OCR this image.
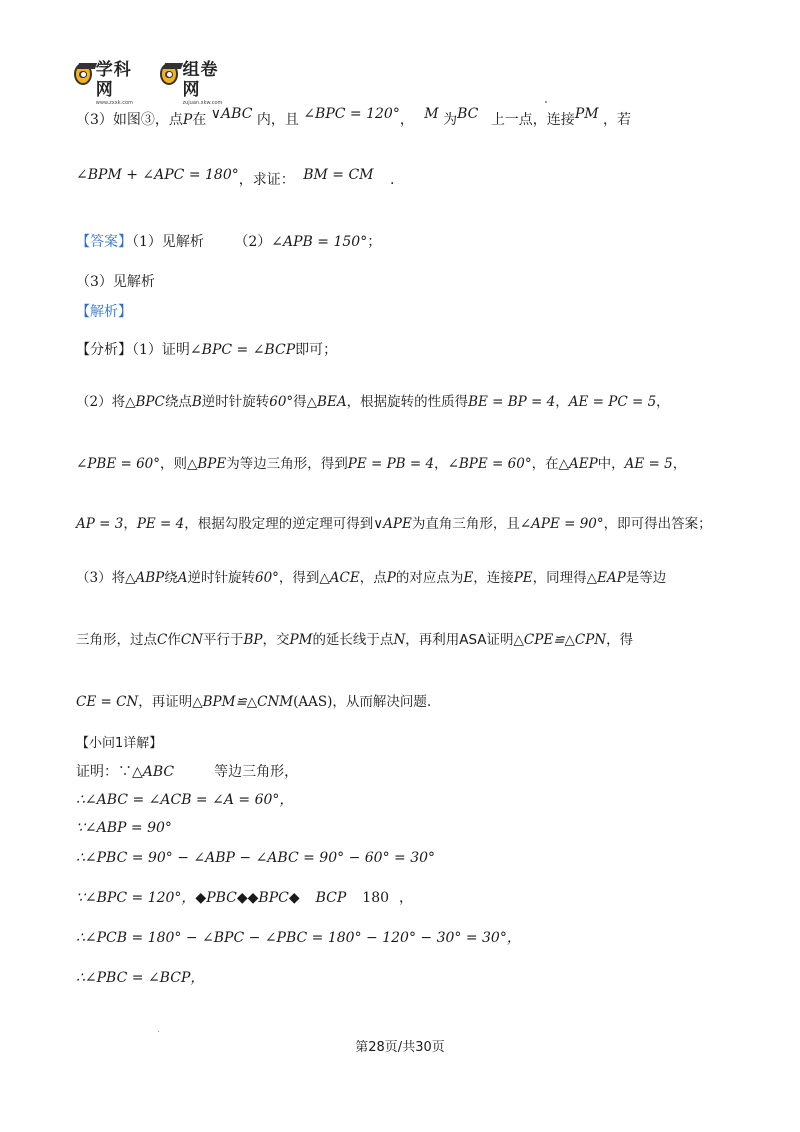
学科网
www.zxxk.com
组卷网
zujuan.xkw.com
（3）如图③，点P在 ∨ABC 内，且 ∠BPC = 120°， M 为BC 上一点，连接PM ，若
∠BPM + ∠APC = 180°，求证： BM = CM .
【答案】（1）见解析 （2）∠APB = 150°；
（3）见解析
【解析】
【分析】（1）证明∠BPC = ∠BCP即可；
（2）将△BPC绕点B逆时针旋转60°得△BEA，根据旋转的性质得BE = BP = 4，AE = PC = 5，
∠PBE = 60°，则△BPE为等边三角形，得到PE = PB = 4，∠BPE = 60°，在△AEP中，AE = 5，
AP = 3，PE = 4，根据勾股定理的逆定理可得到∨APE为直角三角形，且∠APE = 90°，即可得出答案；
（3）将△ABP绕A逆时针旋转60°，得到△ACE，点P的对应点为E，连接PE，同理得△EAP是等边
三角形，过点C作CN平行于BP，交PM的延长线于点N，再利用ASA证明△CPE≌△CPN，得
CE = CN，再证明△BPM≌△CNM(AAS)，从而解决问题.
【小问1详解】
证明：∵△ABC	等边三角形，
∴∠ABC = ∠ACB = ∠A = 60°，
∵∠ABP = 90°
∴∠PBC = 90° − ∠ABP − ∠ABC = 90° − 60° = 30°
∵∠BPC = 120°，◆PBC◆◆BPC◆ BCP 180 ，
∴∠PCB = 180° − ∠BPC − ∠PBC = 180° − 120° − 30° = 30°，
∴∠PBC = ∠BCP，
第28页/共30页
